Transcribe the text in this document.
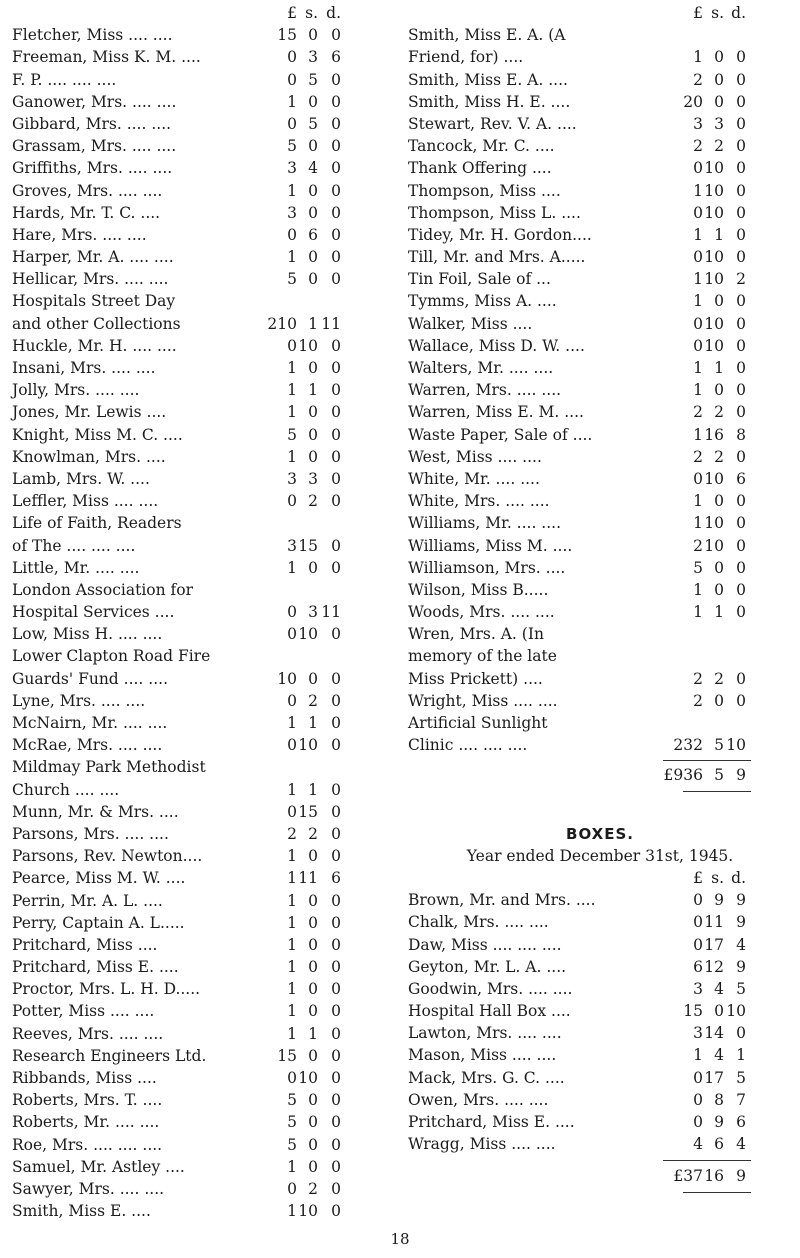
£ s. d.
Fletcher, Miss .... ....	15 0 0
Freeman, Miss K. M. ....	0 3 6
F. P. .... .... ....	0 5 0
Ganower, Mrs. .... ....	1 0 0
Gibbard, Mrs. .... ....	0 5 0
Grassam, Mrs. .... ....	5 0 0
Griffiths, Mrs. .... ....	3 4 0
Groves, Mrs. .... ....	1 0 0
Hards, Mr. T. C. ....	3 0 0
Hare, Mrs. .... ....	0 6 0
Harper, Mr. A. .... ....	1 0 0
Hellicar, Mrs. .... ....	5 0 0
Hospitals Street Day
and other Collections	210 1 11
Huckle, Mr. H. .... ....	0 10 0
Insani, Mrs. .... ....	1 0 0
Jolly, Mrs. .... ....	1 1 0
Jones, Mr. Lewis ....	1 0 0
Knight, Miss M. C. ....	5 0 0
Knowlman, Mrs. ....	1 0 0
Lamb, Mrs. W. ....	3 3 0
Leffler, Miss .... ....	0 2 0
Life of Faith, Readers
of The .... .... ....	3 15 0
Little, Mr. .... ....	1 0 0
London Association for
Hospital Services ....	0 3 11
Low, Miss H. .... ....	0 10 0
Lower Clapton Road Fire
Guards' Fund .... ....	10 0 0
Lyne, Mrs. .... ....	0 2 0
McNairn, Mr. .... ....	1 1 0
McRae, Mrs. .... ....	0 10 0
Mildmay Park Methodist
Church .... ....	1 1 0
Munn, Mr. & Mrs. ....	0 15 0
Parsons, Mrs. .... ....	2 2 0
Parsons, Rev. Newton....	1 0 0
Pearce, Miss M. W. ....	1 11 6
Perrin, Mr. A. L. ....	1 0 0
Perry, Captain A. L.....	1 0 0
Pritchard, Miss ....	1 0 0
Pritchard, Miss E. ....	1 0 0
Proctor, Mrs. L. H. D.....	1 0 0
Potter, Miss .... ....	1 0 0
Reeves, Mrs. .... ....	1 1 0
Research Engineers Ltd.	15 0 0
Ribbands, Miss ....	0 10 0
Roberts, Mrs. T. ....	5 0 0
Roberts, Mr. .... ....	5 0 0
Roe, Mrs. .... .... ....	5 0 0
Samuel, Mr. Astley ....	1 0 0
Sawyer, Mrs. .... ....	0 2 0
Smith, Miss E. ....	1 10 0
£ s. d.
Smith, Miss E. A. (A
Friend, for) ....	1 0 0
Smith, Miss E. A. ....	2 0 0
Smith, Miss H. E. ....	20 0 0
Stewart, Rev. V. A. ....	3 3 0
Tancock, Mr. C. ....	2 2 0
Thank Offering ....	0 10 0
Thompson, Miss ....	1 10 0
Thompson, Miss L. ....	0 10 0
Tidey, Mr. H. Gordon....	1 1 0
Till, Mr. and Mrs. A.....	0 10 0
Tin Foil, Sale of ...	1 10 2
Tymms, Miss A. ....	1 0 0
Walker, Miss ....	0 10 0
Wallace, Miss D. W. ....	0 10 0
Walters, Mr. .... ....	1 1 0
Warren, Mrs. .... ....	1 0 0
Warren, Miss E. M. ....	2 2 0
Waste Paper, Sale of ....	1 16 8
West, Miss .... ....	2 2 0
White, Mr. .... ....	0 10 6
White, Mrs. .... ....	1 0 0
Williams, Mr. .... ....	1 10 0
Williams, Miss M. ....	2 10 0
Williamson, Mrs. ....	5 0 0
Wilson, Miss B.....	1 0 0
Woods, Mrs. .... ....	1 1 0
Wren, Mrs. A. (In
memory of the late
Miss Prickett) ....	2 2 0
Wright, Miss .... ....	2 0 0
Artificial Sunlight
Clinic .... .... ....	232 5 10
£936 5 9
BOXES.
Year ended December 31st, 1945.
£ s. d.
Brown, Mr. and Mrs. ....	0 9 9
Chalk, Mrs. .... ....	0 11 9
Daw, Miss .... .... ....	0 17 4
Geyton, Mr. L. A. ....	6 12 9
Goodwin, Mrs. .... ....	3 4 5
Hospital Hall Box ....	15 0 10
Lawton, Mrs. .... ....	3 14 0
Mason, Miss .... ....	1 4 1
Mack, Mrs. G. C. ....	0 17 5
Owen, Mrs. .... ....	0 8 7
Pritchard, Miss E. ....	0 9 6
Wragg, Miss .... ....	4 6 4
£37 16 9
18
